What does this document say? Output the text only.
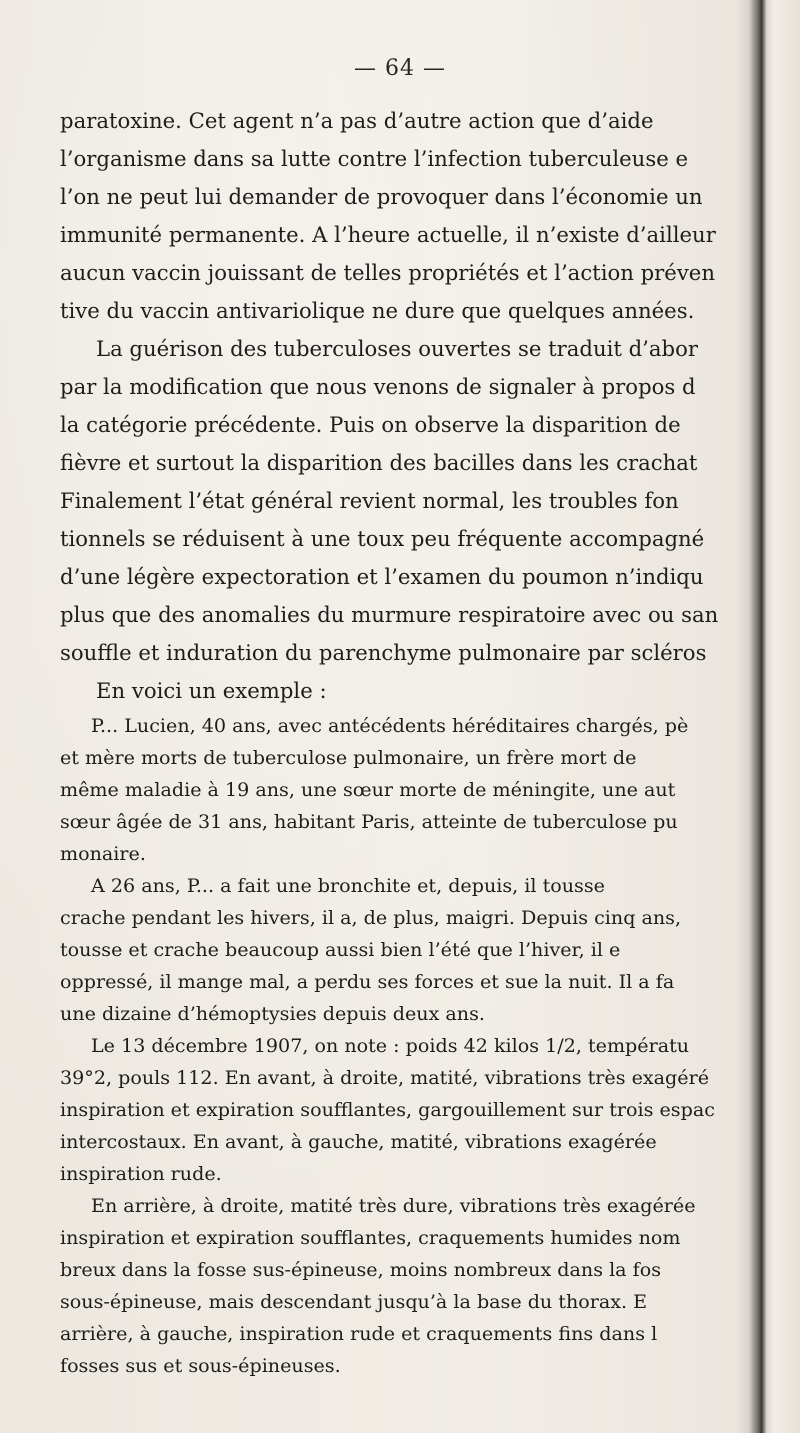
— 64 —
paratoxine. Cet agent n’a pas d’autre action que d’aide
l’organisme dans sa lutte contre l’infection tuberculeuse e
l’on ne peut lui demander de provoquer dans l’économie un
immunité permanente. A l’heure actuelle, il n’existe d’ailleur
aucun vaccin jouissant de telles propriétés et l’action préven
tive du vaccin antivariolique ne dure que quelques années.
La guérison des tuberculoses ouvertes se traduit d’abor
par la modification que nous venons de signaler à propos d
la catégorie précédente. Puis on observe la disparition de
fièvre et surtout la disparition des bacilles dans les crachat
Finalement l’état général revient normal, les troubles fon
tionnels se réduisent à une toux peu fréquente accompagné
d’une légère expectoration et l’examen du poumon n’indiqu
plus que des anomalies du murmure respiratoire avec ou san
souffle et induration du parenchyme pulmonaire par scléros
En voici un exemple :
P... Lucien, 40 ans, avec antécédents héréditaires chargés, pè
et mère morts de tuberculose pulmonaire, un frère mort de
même maladie à 19 ans, une sœur morte de méningite, une aut
sœur âgée de 31 ans, habitant Paris, atteinte de tuberculose pu
monaire.
A 26 ans, P... a fait une bronchite et, depuis, il tousse
crache pendant les hivers, il a, de plus, maigri. Depuis cinq ans,
tousse et crache beaucoup aussi bien l’été que l’hiver, il e
oppressé, il mange mal, a perdu ses forces et sue la nuit. Il a fa
une dizaine d’hémoptysies depuis deux ans.
Le 13 décembre 1907, on note : poids 42 kilos 1/2, températu
39°2, pouls 112. En avant, à droite, matité, vibrations très exagéré
inspiration et expiration soufflantes, gargouillement sur trois espac
intercostaux. En avant, à gauche, matité, vibrations exagérée
inspiration rude.
En arrière, à droite, matité très dure, vibrations très exagérée
inspiration et expiration soufflantes, craquements humides nom
breux dans la fosse sus-épineuse, moins nombreux dans la fos
sous-épineuse, mais descendant jusqu’à la base du thorax. E
arrière, à gauche, inspiration rude et craquements fins dans l
fosses sus et sous-épineuses.
